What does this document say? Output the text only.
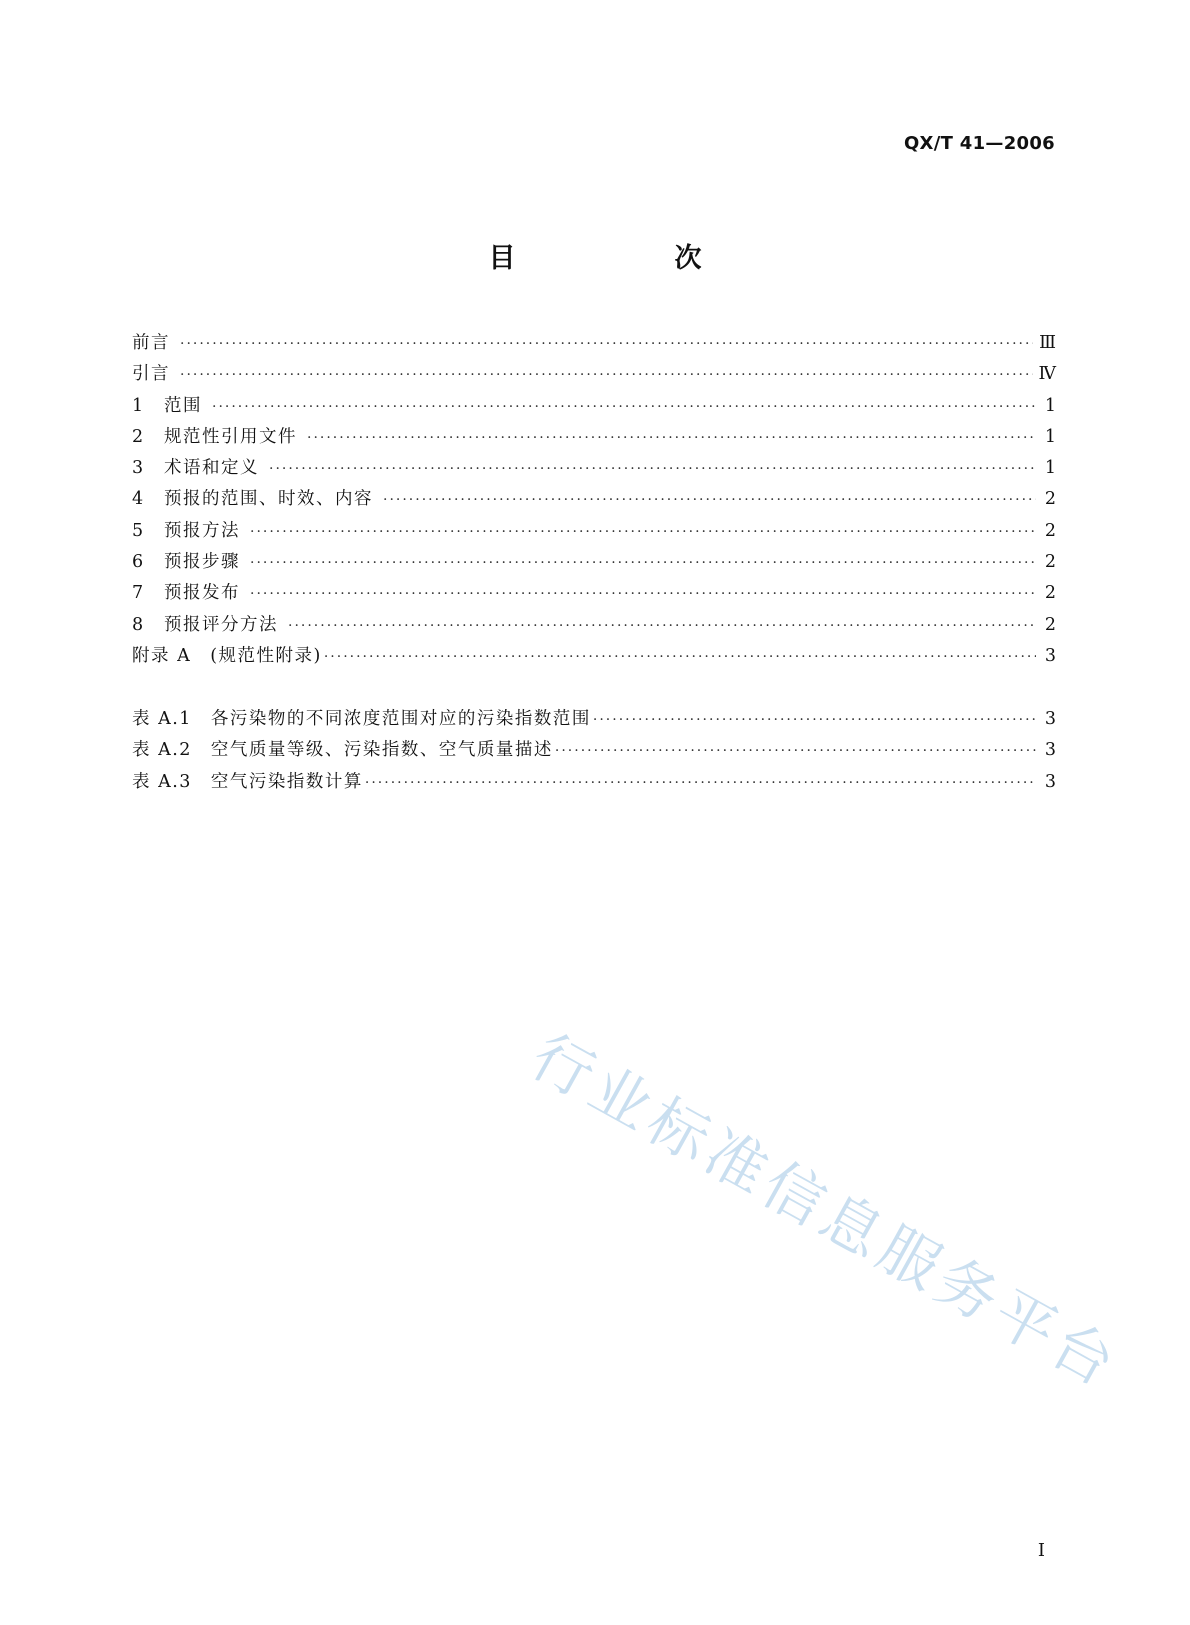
QX/T 41—2006
目　次
前言 ·····	Ⅲ
引言 ·····	Ⅳ
1	范围 ·····	1
2	规范性引用文件 ·····	1
3	术语和定义 ·····	1
4	预报的范围、时效、内容 ·····	2
5	预报方法 ·····	2
6	预报步骤 ·····	2
7	预报发布 ·····	2
8	预报评分方法 ·····	2
附录 A　(规范性附录) ·····	3
表 A.1　各污染物的不同浓度范围对应的污染指数范围 ·····	3
表 A.2　空气质量等级、污染指数、空气质量描述 ·····	3
表 A.3　空气污染指数计算 ·····	3
Ⅰ
行业标准信息服务平台
